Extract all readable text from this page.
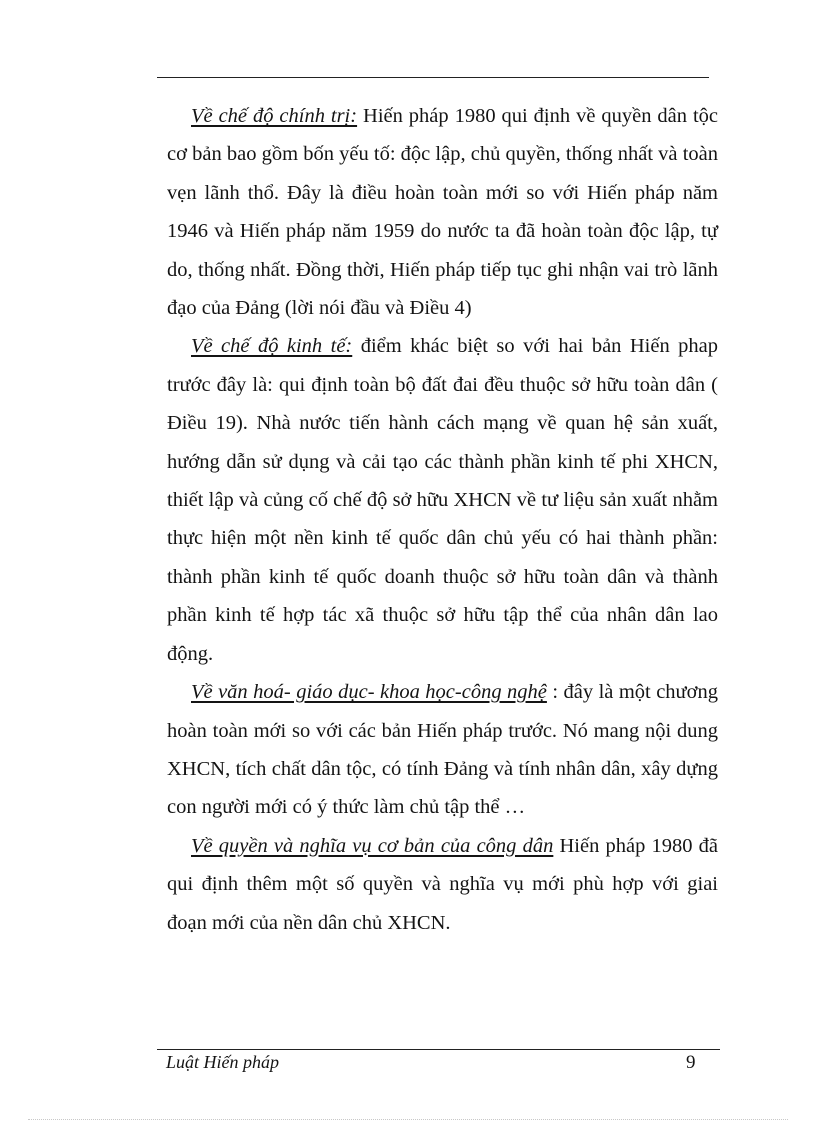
Về chế độ chính trị: Hiến pháp 1980 qui định về quyền dân tộc cơ bản bao gồm bốn yếu tố: độc lập, chủ quyền, thống nhất và toàn vẹn lãnh thổ. Đây là điều hoàn toàn mới so với Hiến pháp năm 1946 và Hiến pháp năm 1959 do nước ta đã hoàn toàn độc lập, tự do, thống nhất. Đồng thời, Hiến pháp tiếp tục ghi nhận vai trò lãnh đạo của Đảng (lời nói đầu và Điều 4)

Về chế độ kinh tế: điểm khác biệt so với hai bản Hiến phap trước đây là: qui định toàn bộ đất đai đều thuộc sở hữu toàn dân ( Điều 19). Nhà nước tiến hành cách mạng về quan hệ sản xuất, hướng dẫn sử dụng và cải tạo các thành phần kinh tế phi XHCN, thiết lập và củng cố chế độ sở hữu XHCN về tư liệu sản xuất nhằm thực hiện một nền kinh tế quốc dân chủ yếu có hai thành phần: thành phần kinh tế quốc doanh thuộc sở hữu toàn dân và thành phần kinh tế hợp tác xã thuộc sở hữu tập thể của nhân dân lao động.

Về văn hoá- giáo dục- khoa học-công nghệ : đây là một chương hoàn toàn mới so với các bản Hiến pháp trước. Nó mang nội dung XHCN, tích chất dân tộc, có tính Đảng và tính nhân dân, xây dựng con người mới có ý thức làm chủ tập thể …

Về quyền và nghĩa vụ cơ bản của công dân Hiến pháp 1980 đã qui định thêm một số quyền và nghĩa vụ mới phù hợp với giai đoạn mới của nền dân chủ XHCN.

Luật Hiến pháp	9
